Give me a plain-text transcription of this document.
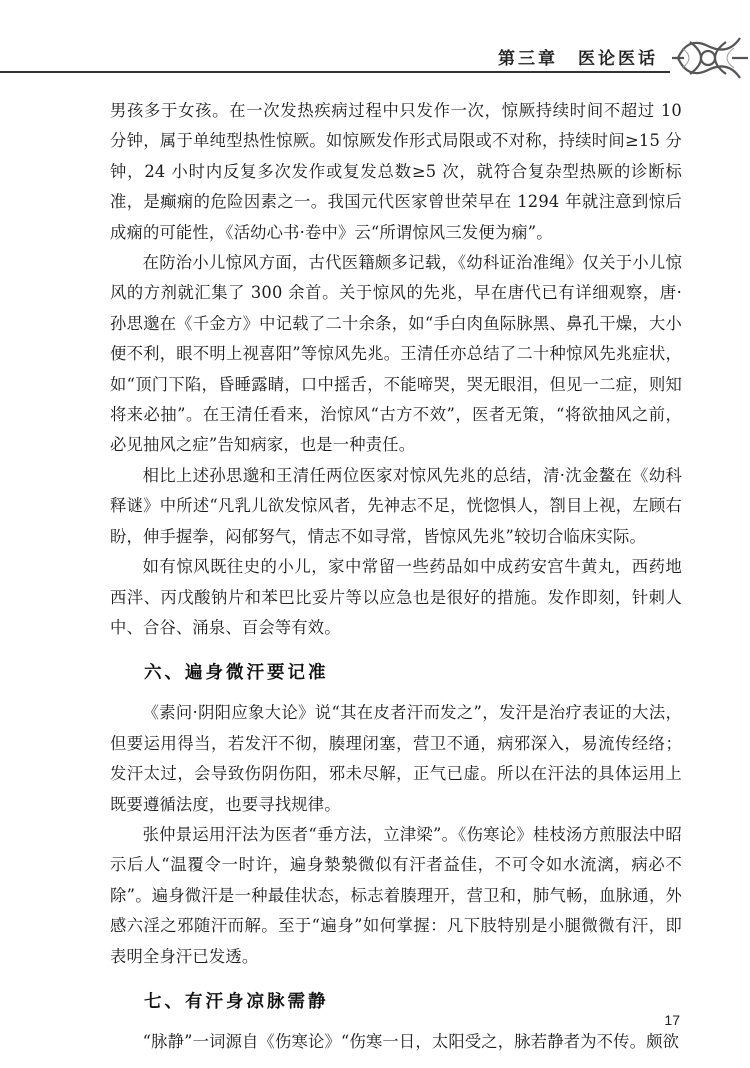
第三章　医论医话

男孩多于女孩。在一次发热疾病过程中只发作一次，惊厥持续时间不超过 10 分钟，属于单纯型热性惊厥。如惊厥发作形式局限或不对称，持续时间≥15 分钟，24 小时内反复多次发作或复发总数≥5 次，就符合复杂型热厥的诊断标准，是癫痫的危险因素之一。我国元代医家曾世荣早在 1294 年就注意到惊后成痫的可能性，《活幼心书·卷中》云“所谓惊风三发便为痫”。

在防治小儿惊风方面，古代医籍颇多记载，《幼科证治准绳》仅关于小儿惊风的方剂就汇集了 300 余首。关于惊风的先兆，早在唐代已有详细观察，唐·孙思邈在《千金方》中记载了二十余条，如“手白肉鱼际脉黑、鼻孔干燥，大小便不利，眼不明上视喜阳”等惊风先兆。王清任亦总结了二十种惊风先兆症状，如“顶门下陷，昏睡露睛，口中摇舌，不能啼哭，哭无眼泪，但见一二症，则知将来必抽”。在王清任看来，治惊风“古方不效”，医者无策，“将欲抽风之前，必见抽风之症”告知病家，也是一种责任。

相比上述孙思邈和王清任两位医家对惊风先兆的总结，清·沈金鳌在《幼科释谜》中所述“凡乳儿欲发惊风者，先神志不足，恍惚惧人，劄目上视，左顾右盼，伸手握拳，闷郁努气，情志不如寻常，皆惊风先兆”较切合临床实际。

如有惊风既往史的小儿，家中常留一些药品如中成药安宫牛黄丸，西药地西泮、丙戊酸钠片和苯巴比妥片等以应急也是很好的措施。发作即刻，针刺人中、合谷、涌泉、百会等有效。

六、遍身微汗要记准

《素问·阴阳应象大论》说“其在皮者汗而发之”，发汗是治疗表证的大法，但要运用得当，若发汗不彻，腠理闭塞，营卫不通，病邪深入，易流传经络；发汗太过，会导致伤阴伤阳，邪未尽解，正气已虚。所以在汗法的具体运用上既要遵循法度，也要寻找规律。

张仲景运用汗法为医者“垂方法，立津梁”。《伤寒论》桂枝汤方煎服法中昭示后人“温覆令一时许，遍身漐漐微似有汗者益佳，不可令如水流漓，病必不除”。遍身微汗是一种最佳状态，标志着腠理开，营卫和，肺气畅，血脉通，外感六淫之邪随汗而解。至于“遍身”如何掌握：凡下肢特别是小腿微微有汗，即表明全身汗已发透。

七、有汗身凉脉需静

“脉静”一词源自《伤寒论》“伤寒一日，太阳受之，脉若静者为不传。颇欲

17
